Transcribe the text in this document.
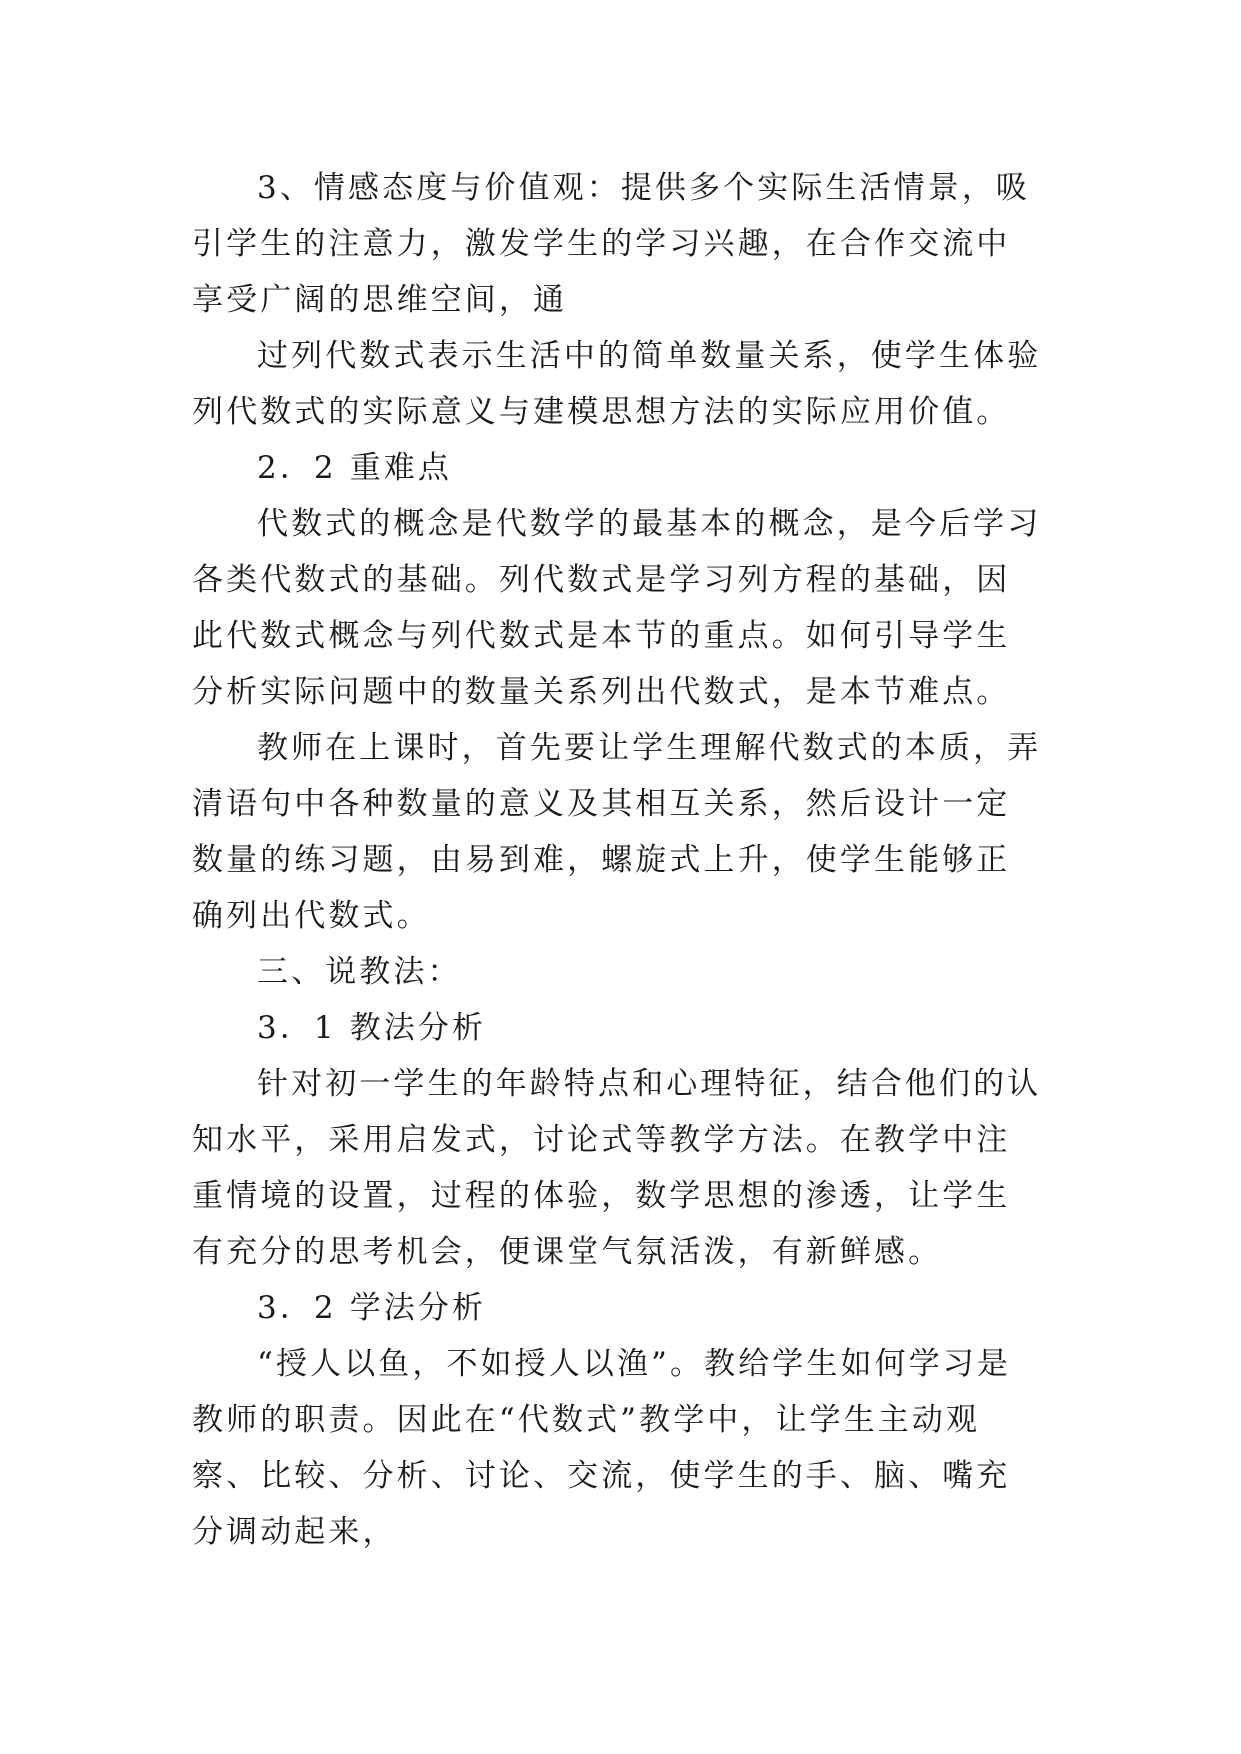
3、情感态度与价值观：提供多个实际生活情景，吸引学生的注意力，激发学生的学习兴趣，在合作交流中享受广阔的思维空间，通

过列代数式表示生活中的简单数量关系，使学生体验列代数式的实际意义与建模思想方法的实际应用价值。

2．2 重难点

代数式的概念是代数学的最基本的概念，是今后学习各类代数式的基础。列代数式是学习列方程的基础，因此代数式概念与列代数式是本节的重点。如何引导学生分析实际问题中的数量关系列出代数式，是本节难点。

教师在上课时，首先要让学生理解代数式的本质，弄清语句中各种数量的意义及其相互关系，然后设计一定数量的练习题，由易到难，螺旋式上升，使学生能够正确列出代数式。

三、说教法：

3．1 教法分析

针对初一学生的年龄特点和心理特征，结合他们的认知水平，采用启发式，讨论式等教学方法。在教学中注重情境的设置，过程的体验，数学思想的渗透，让学生有充分的思考机会，便课堂气氛活泼，有新鲜感。

3．2 学法分析

“授人以鱼，不如授人以渔”。教给学生如何学习是教师的职责。因此在“代数式”教学中，让学生主动观察、比较、分析、讨论、交流，使学生的手、脑、嘴充分调动起来，
